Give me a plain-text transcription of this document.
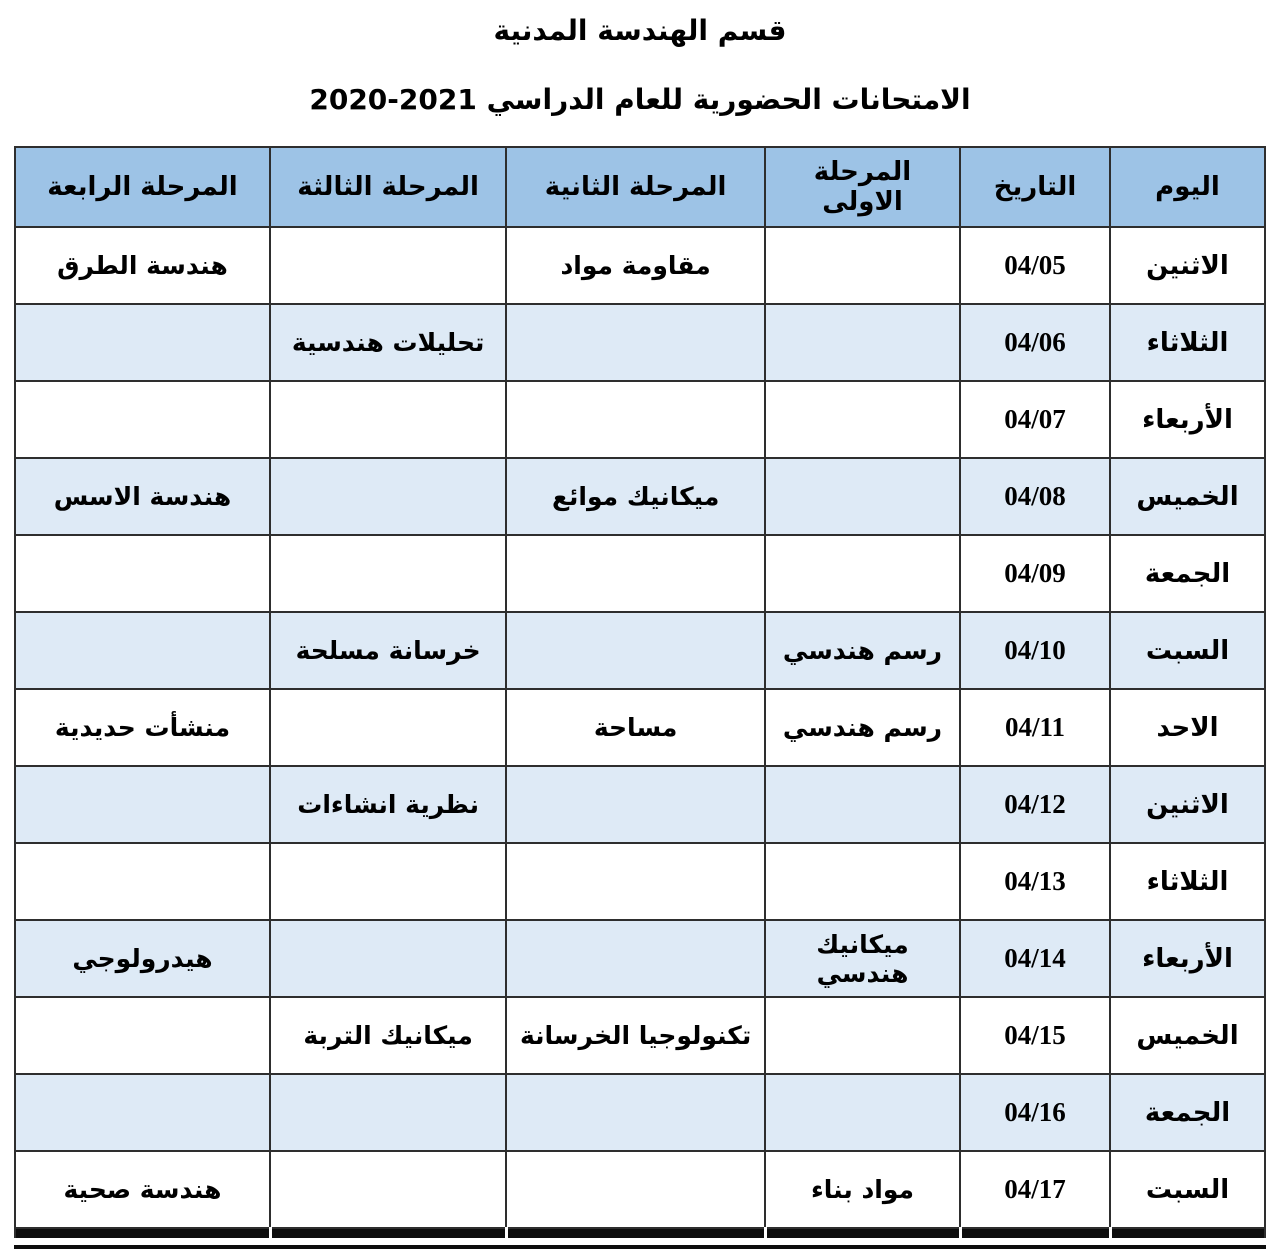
قسم الهندسة المدنية
الامتحانات الحضورية للعام الدراسي 2021-2020
اليوم	التاريخ	المرحلة الاولى	المرحلة الثانية	المرحلة الثالثة	المرحلة الرابعة
الاثنين	04/05		مقاومة مواد		هندسة الطرق
الثلاثاء	04/06			تحليلات هندسية	
الأربعاء	04/07				
الخميس	04/08		ميكانيك موائع		هندسة الاسس
الجمعة	04/09				
السبت	04/10	رسم هندسي		خرسانة مسلحة	
الاحد	04/11	رسم هندسي	مساحة		منشأت حديدية
الاثنين	04/12			نظرية انشاءات	
الثلاثاء	04/13				
الأربعاء	04/14	ميكانيك هندسي			هيدرولوجي
الخميس	04/15		تكنولوجيا الخرسانة	ميكانيك التربة	
الجمعة	04/16				
السبت	04/17	مواد بناء			هندسة صحية
